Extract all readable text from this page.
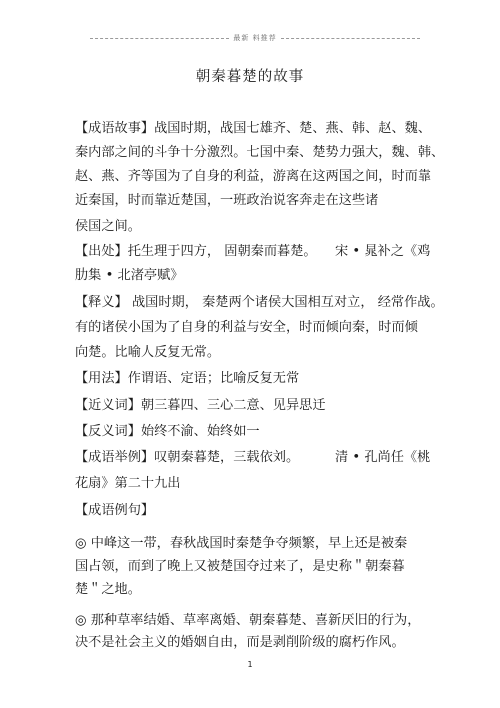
最新 料推荐
朝秦暮楚的故事
【成语故事】战国时期，战国七雄齐、楚、燕、韩、赵、魏、
秦内部之间的斗争十分激烈。七国中秦、楚势力强大，魏、韩、
赵、燕、齐等国为了自身的利益，游离在这两国之间，时而靠
近秦国，时而靠近楚国，一班政治说客奔走在这些诸
侯国之间。
【出处】托生理于四方， 固朝秦而暮楚。 宋 • 晁补之《鸡
肋集 • 北渚亭赋》
【释义】 战国时期， 秦楚两个诸侯大国相互对立， 经常作战。
有的诸侯小国为了自身的利益与安全，时而倾向秦，时而倾
向楚。比喻人反复无常。
【用法】作谓语、定语；比喻反复无常
【近义词】朝三暮四、三心二意、见异思迁
【反义词】始终不渝、始终如一
【成语举例】叹朝秦暮楚，三载依刘。	清 • 孔尚任《桃
花扇》第二十九出
【成语例句】
◎ 中峰这一带，春秋战国时秦楚争夺频繁，早上还是被秦
国占领，而到了晚上又被楚国夺过来了，是史称＂朝秦暮
楚＂之地。
◎ 那种草率结婚、草率离婚、朝秦暮楚、喜新厌旧的行为，
决不是社会主义的婚姻自由，而是剥削阶级的腐朽作风。
1
